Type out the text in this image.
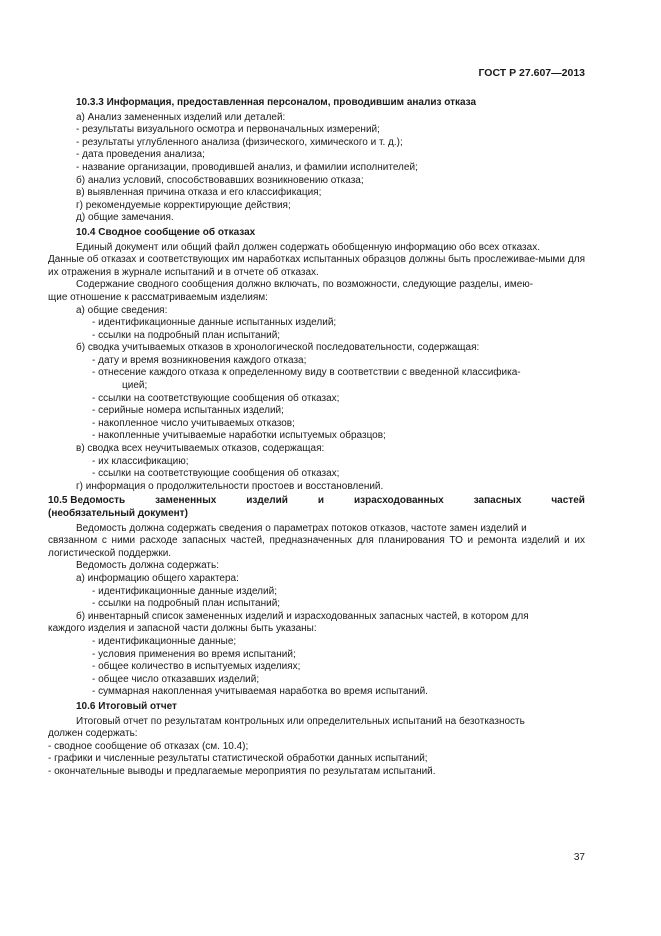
ГОСТ Р 27.607—2013
10.3.3 Информация, предоставленная персоналом, проводившим анализ отказа
а) Анализ замененных изделий или деталей:
- результаты визуального осмотра и первоначальных измерений;
- результаты углубленного анализа (физического, химического и т. д.);
- дата проведения анализа;
- название организации, проводившей анализ, и фамилии исполнителей;
б) анализ условий, способствовавших возникновению отказа;
в) выявленная причина отказа и его классификация;
г) рекомендуемые корректирующие действия;
д) общие замечания.
10.4 Сводное сообщение об отказах
Единый документ или общий файл должен содержать обобщенную информацию обо всех отказах.
Данные об отказах и соответствующих им наработках испытанных образцов должны быть прослеживае-мыми для их отражения в журнале испытаний и в отчете об отказах.
Содержание сводного сообщения должно включать, по возможности, следующие разделы, имею-
щие отношение к рассматриваемым изделиям:
а) общие сведения:
- идентификационные данные испытанных изделий;
- ссылки на подробный план испытаний;
б) сводка учитываемых отказов в хронологической последовательности, содержащая:
- дату и время возникновения каждого отказа;
- отнесение каждого отказа к определенному виду в соответствии с введенной классифика-
цией;
- ссылки на соответствующие сообщения об отказах;
- серийные номера испытанных изделий;
- накопленное число учитываемых отказов;
- накопленные учитываемые наработки испытуемых образцов;
в) сводка всех неучитываемых отказов, содержащая:
- их классификацию;
- ссылки на соответствующие сообщения об отказах;
г) информация о продолжительности простоев и восстановлений.
10.5 Ведомость	замененных	изделий	и	израсходованных	запасных	частей
(необязательный документ)
Ведомость должна содержать сведения о параметрах потоков отказов, частоте замен изделий и
связанном с ними расходе запасных частей, предназначенных для планирования ТО и ремонта изделий и их логистической поддержки.
Ведомость должна содержать:
а) информацию общего характера:
- идентификационные данные изделий;
- ссылки на подробный план испытаний;
б) инвентарный список замененных изделий и израсходованных запасных частей, в котором для
каждого изделия и запасной части должны быть указаны:
- идентификационные данные;
- условия применения во время испытаний;
- общее количество в испытуемых изделиях;
- общее число отказавших изделий;
- суммарная накопленная учитываемая наработка во время испытаний.
10.6 Итоговый отчет
Итоговый отчет по результатам контрольных или определительных испытаний на безотказность
должен содержать:
- сводное сообщение об отказах (см. 10.4);
- графики и численные результаты статистической обработки данных испытаний;
- окончательные выводы и предлагаемые мероприятия по результатам испытаний.
37
